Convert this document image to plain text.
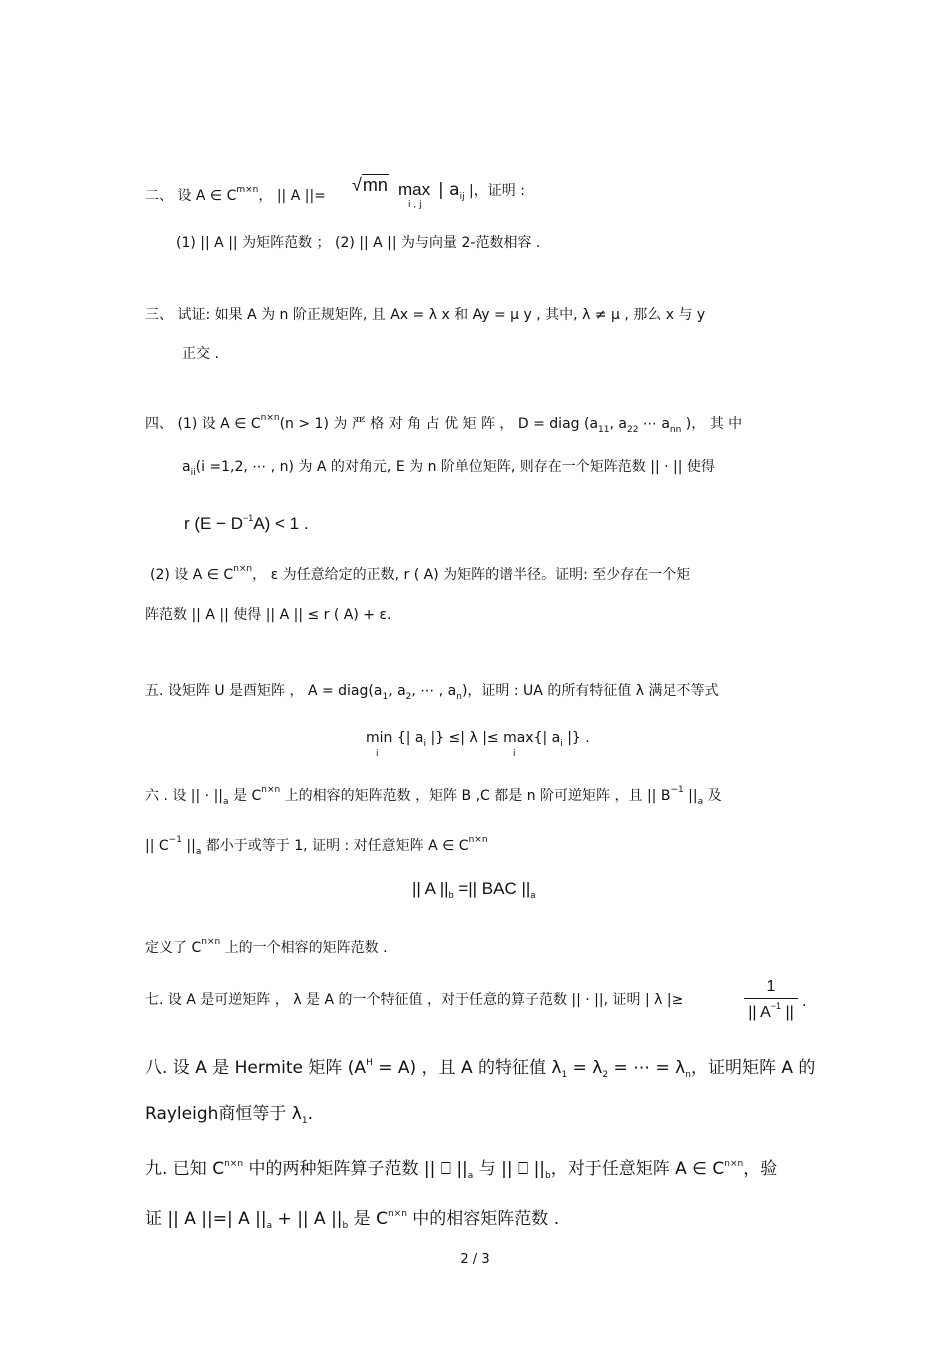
二、 设 A ∈ $C^{m\times n}$， || A ||=
√mn max
i , j
| $a_{ij}$ |，证明 :
(1) || A || 为矩阵范数 ； (2) || A || 为与向量 2-范数相容 .
三、 试证: 如果 A 为 n 阶正规矩阵, 且 Ax = λ x 和 Ay = μ y , 其中, λ ≠ μ , 那么 x 与 y
正交 .
四、 (1) 设 A ∈ $C^{n\times n}(n > 1)$ 为 严 格 对 角 占 优 矩 阵 ， D = diag ($a_{11}$, $a_{22}$ ⋯ $a_{nn}$ )， 其 中
$a_{ii}(i =1,2$, ⋯ , n) 为 A 的对角元, E 为 n 阶单位矩阵, 则存在一个矩阵范数 || · || 使得
r $(E - D^{-1}A) < 1$ .
(2) 设 A ∈ $C^{n\times n}$， ε 为任意给定的正数, r ( A) 为矩阵的谱半径。证明: 至少存在一个矩
阵范数 || A || 使得 || A || ≤ r ( A) + ε.
五. 设矩阵 U 是酉矩阵 ， $A = diag(a_1$, $a_2$, ⋯ , $a_n$)，证明 : UA 的所有特征值 λ 满足不等式
min {| $a_i$ |} ≤| λ |≤ max{| $a_i$ |} .
i	i
六 . 设 || · $||_a$ 是 $C^{n\times n}$ 上的相容的矩阵范数 ，矩阵 B ,C 都是 n 阶可逆矩阵 ，且 || $B^{-1}$ $||_a$ 及
|| $C^{-1}$ $||_a$ 都小于或等于 1, 证明 : 对任意矩阵 A ∈ $C^{n\times n}$
|| A $||_b$ =|| BAC $||_a$
定义了 $C^{n\times n}$ 上的一个相容的矩阵范数 .
七. 设 A 是可逆矩阵 ， λ 是 A 的一个特征值 ，对于任意的算子范数 || · ||, 证明 | λ |≥
1
|| $A^{-1}$ ||
.
八. 设 A 是 Hermite 矩阵 $(A^H = A)$ ，且 A 的特征值 $\lambda_1 = \lambda_2$ = ⋯ = $\lambda_n$，证明矩阵 A 的
Rayleigh商恒等于 $\lambda_1$.
九. 已知 $C^{n\times n}$ 中的两种矩阵算子范数 || ⎕ $||_a$ 与 || ⎕ $||_b$，对于任意矩阵 A ∈ $C^{n\times n}$，验
证 || A ||=| A $||_a$ + || A $||_b$ 是 $C^{n\times n}$ 中的相容矩阵范数 .
2 / 3
